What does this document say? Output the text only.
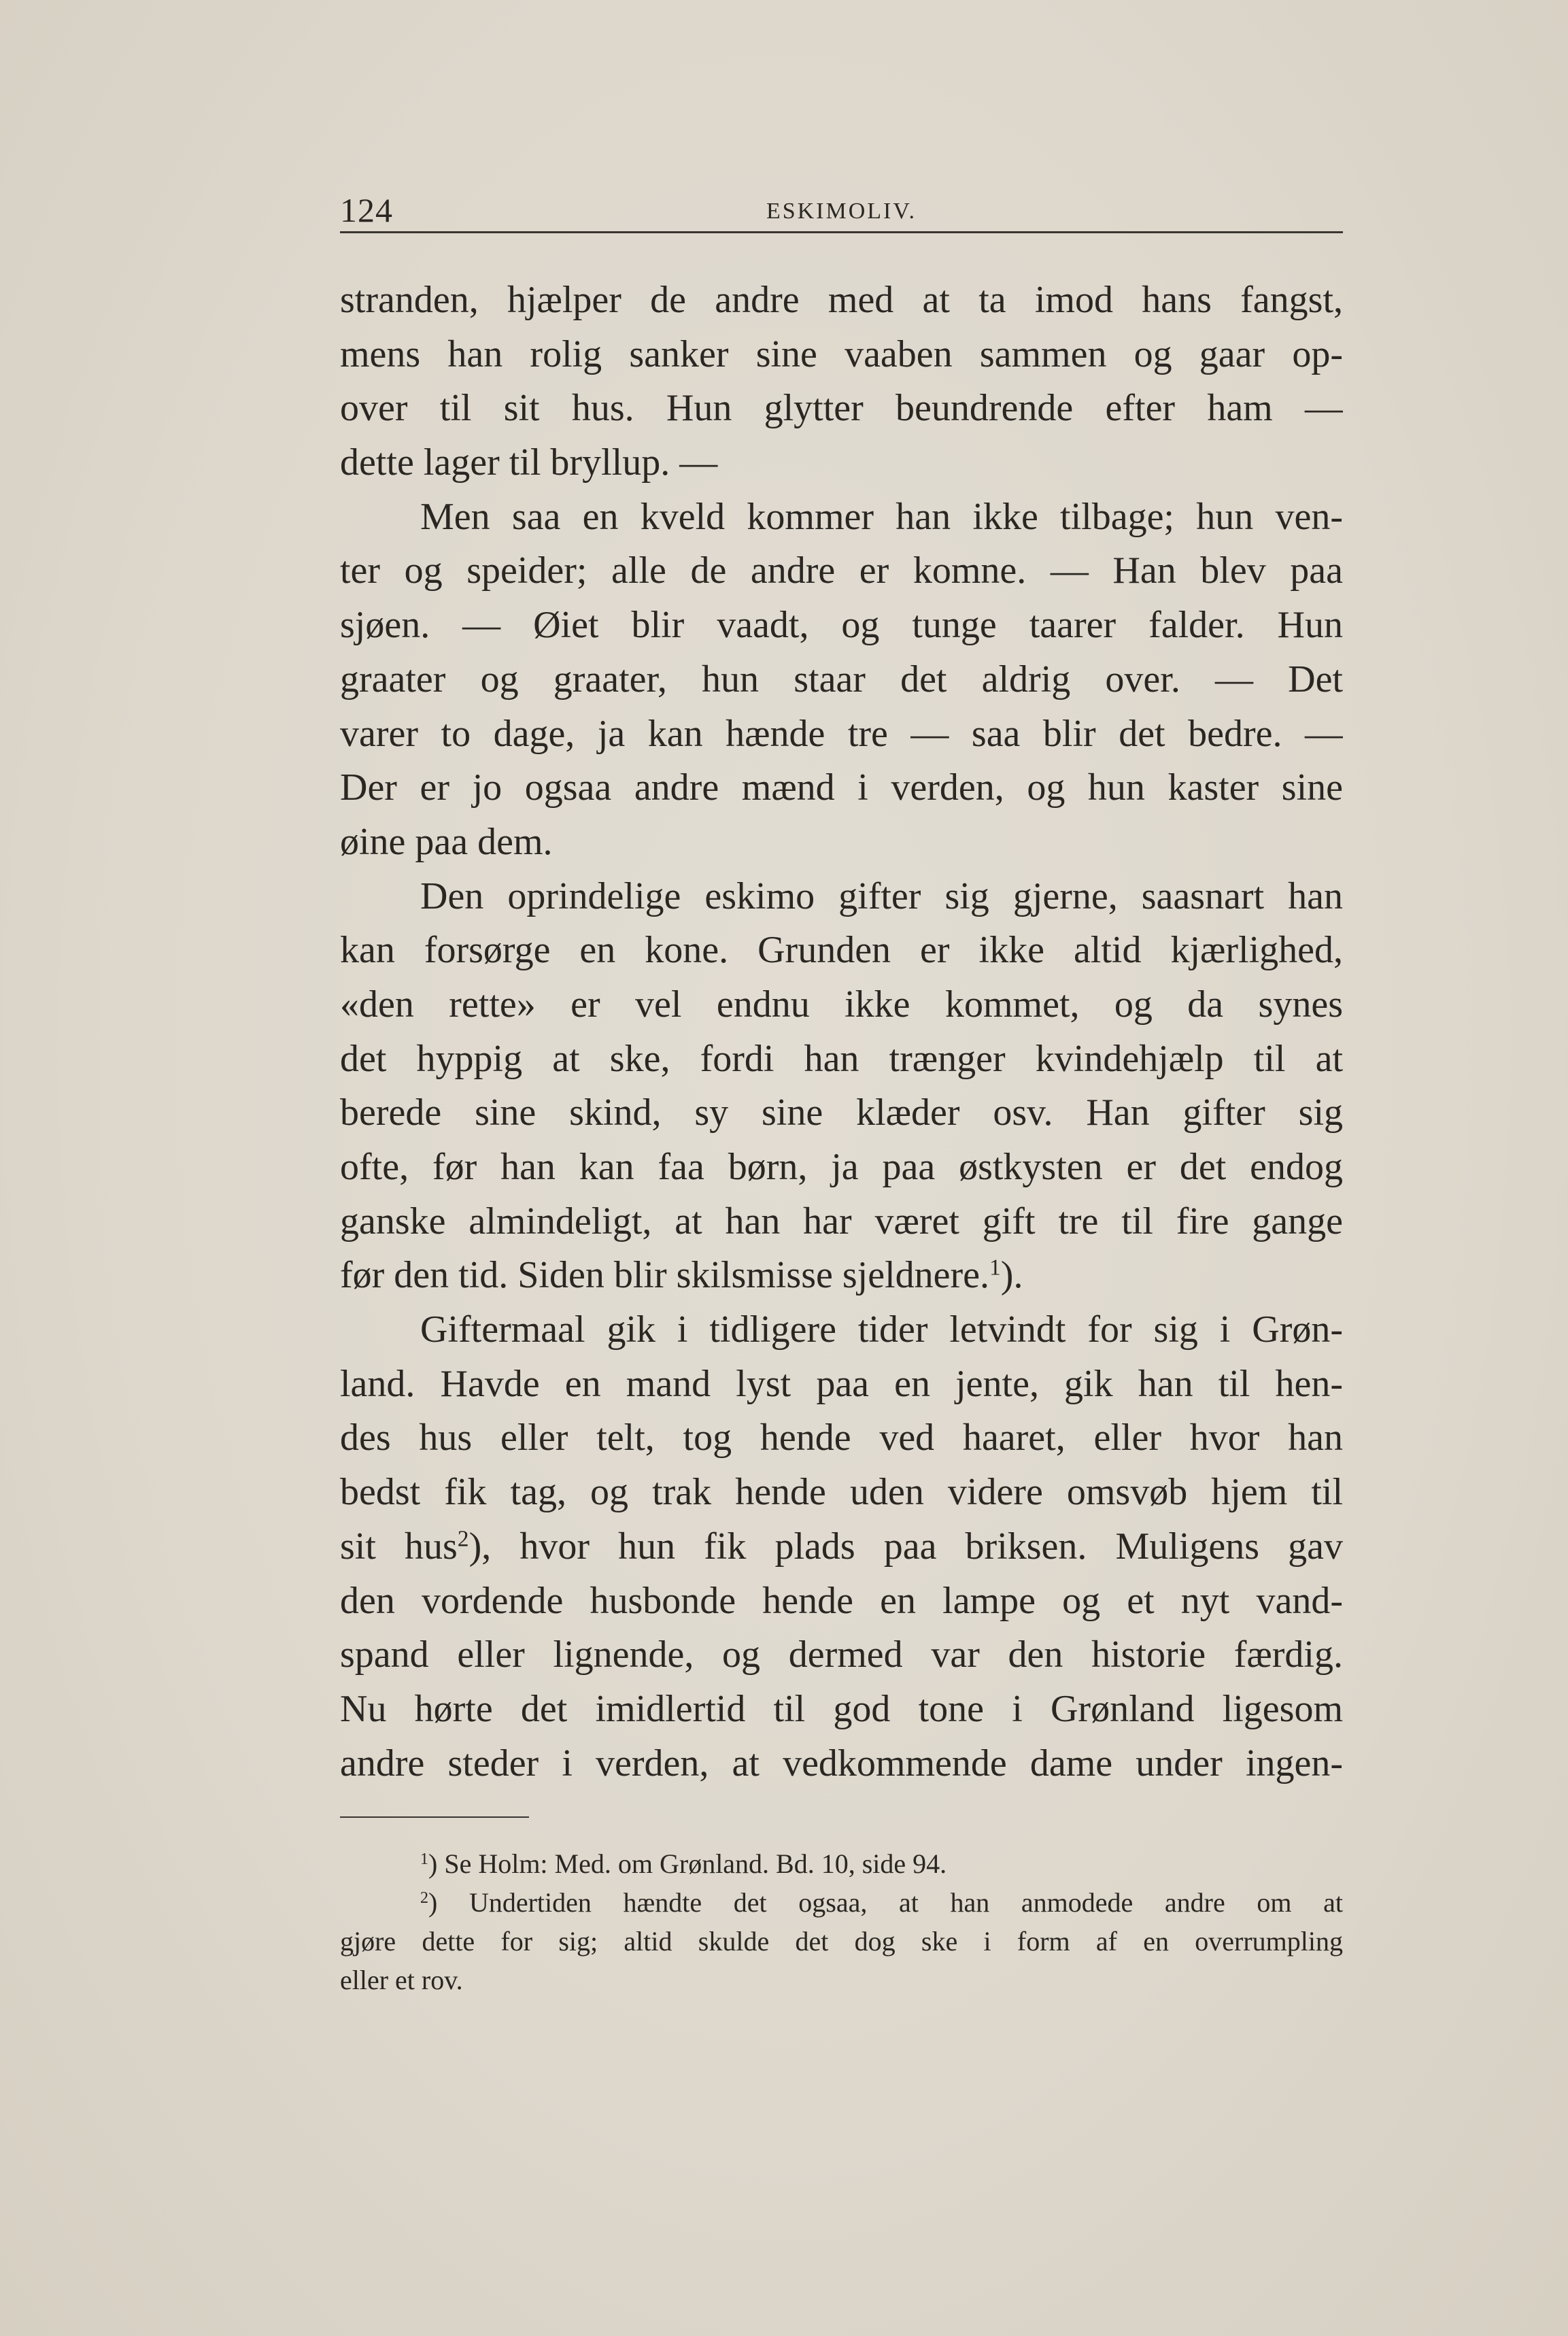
124	ESKIMOLIV.
stranden, hjælper de andre med at ta imod hans fangst,
mens han rolig sanker sine vaaben sammen og gaar op-
over til sit hus. Hun glytter beundrende efter ham —
dette lager til bryllup. —
Men saa en kveld kommer han ikke tilbage; hun ven-
ter og speider; alle de andre er komne. — Han blev paa
sjøen. — Øiet blir vaadt, og tunge taarer falder. Hun
graater og graater, hun staar det aldrig over. — Det
varer to dage, ja kan hænde tre — saa blir det bedre. —
Der er jo ogsaa andre mænd i verden, og hun kaster sine
øine paa dem.
Den oprindelige eskimo gifter sig gjerne, saasnart han
kan forsørge en kone. Grunden er ikke altid kjærlighed,
«den rette» er vel endnu ikke kommet, og da synes
det hyppig at ske, fordi han trænger kvindehjælp til at
berede sine skind, sy sine klæder osv. Han gifter sig
ofte, før han kan faa børn, ja paa østkysten er det endog
ganske almindeligt, at han har været gift tre til fire gange
før den tid. Siden blir skilsmisse sjeldnere.$^1$).
Giftermaal gik i tidligere tider letvindt for sig i Grøn-
land. Havde en mand lyst paa en jente, gik han til hen-
des hus eller telt, tog hende ved haaret, eller hvor han
bedst fik tag, og trak hende uden videre omsvøb hjem til
sit hus$^2$), hvor hun fik plads paa briksen. Muligens gav
den vordende husbonde hende en lampe og et nyt vand-
spand eller lignende, og dermed var den historie færdig.
Nu hørte det imidlertid til god tone i Grønland ligesom
andre steder i verden, at vedkommende dame under ingen-
$^1$) Se Holm: Med. om Grønland. Bd. 10, side 94.
$^2$) Undertiden hændte det ogsaa, at han anmodede andre om at
gjøre dette for sig; altid skulde det dog ske i form af en overrumpling
eller et rov.
